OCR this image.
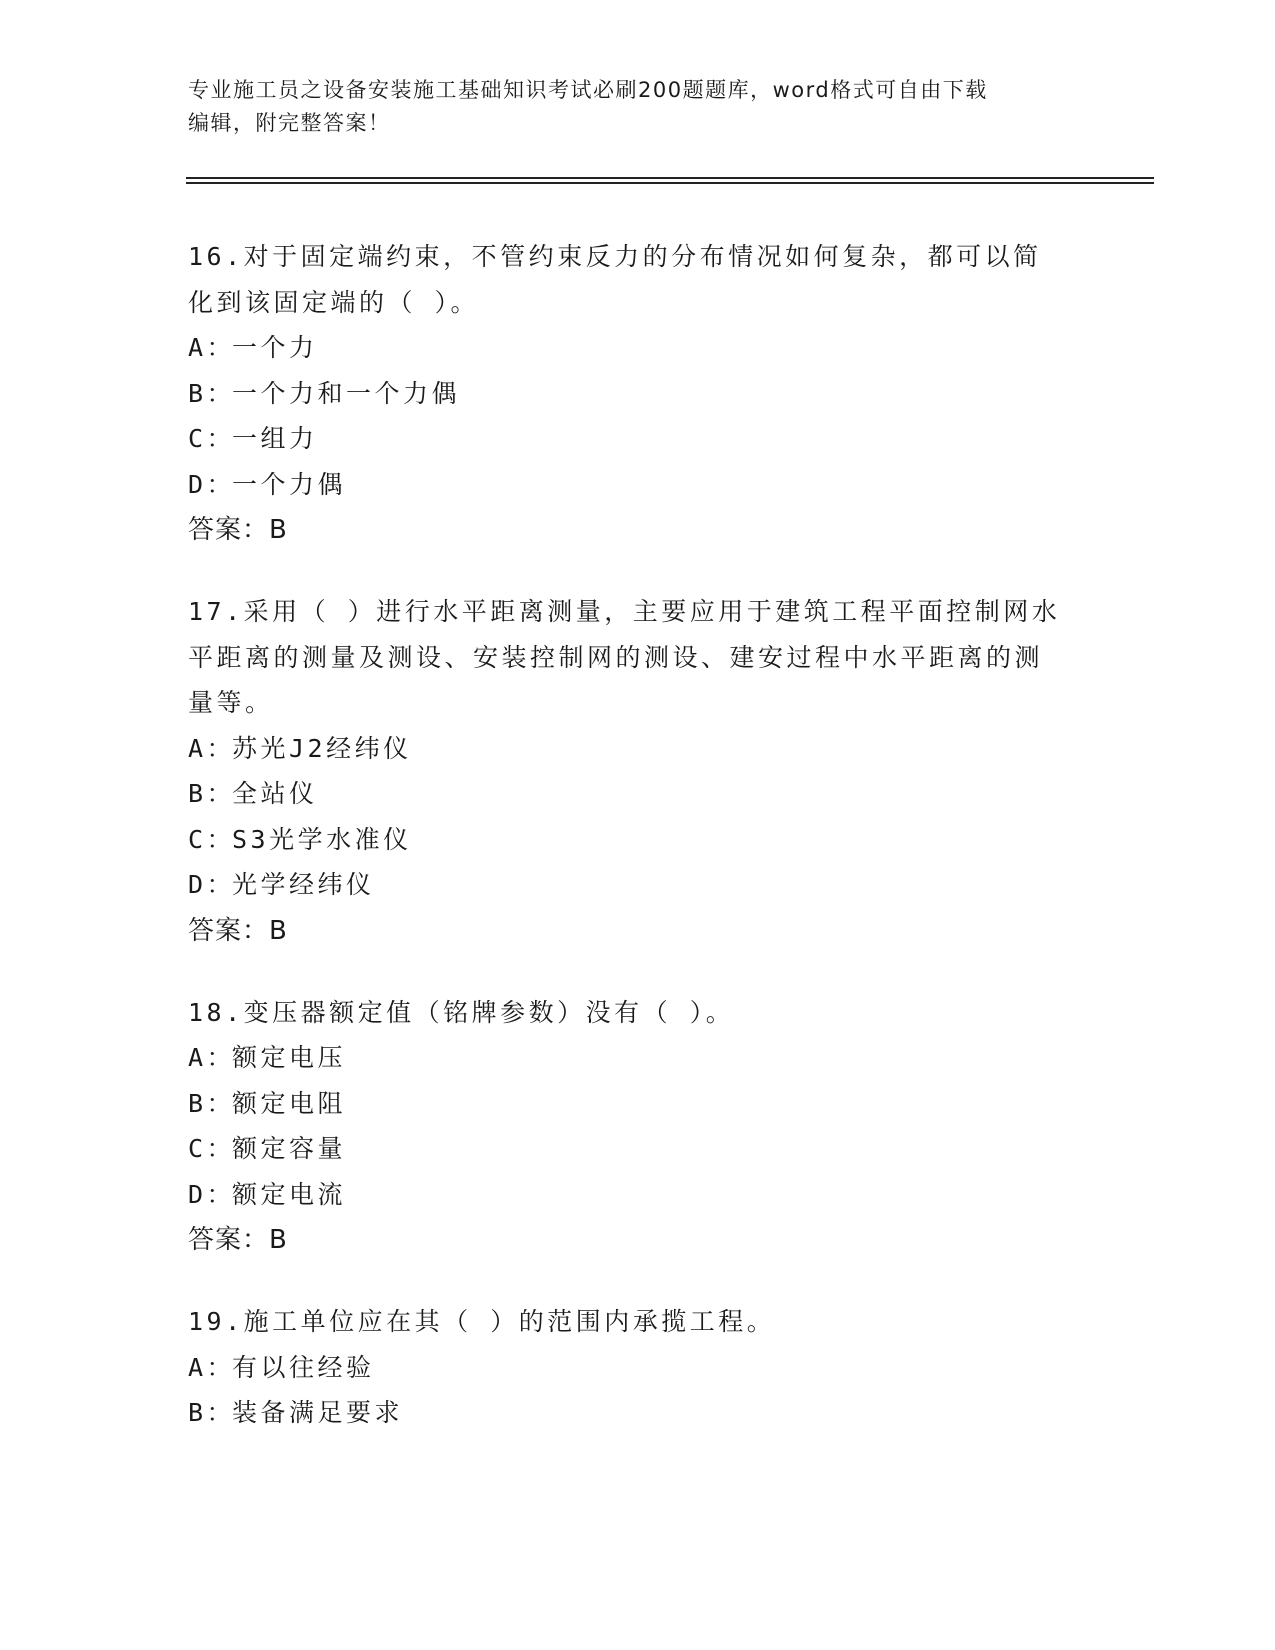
专业施工员之设备安装施工基础知识考试必刷200题题库，word格式可自由下载
编辑，附完整答案！

16.对于固定端约束，不管约束反力的分布情况如何复杂，都可以简化到该固定端的（ ）。

A：一个力
B：一个力和一个力偶
C：一组力
D：一个力偶
答案：B

17.采用（ ）进行水平距离测量，主要应用于建筑工程平面控制网水平距离的测量及测设、安装控制网的测设、建安过程中水平距离的测量等。

A：苏光J2经纬仪
B：全站仪
C：S3光学水准仪
D：光学经纬仪
答案：B

18.变压器额定值（铭牌参数）没有（ ）。

A：额定电压
B：额定电阻
C：额定容量
D：额定电流
答案：B

19.施工单位应在其（ ）的范围内承揽工程。

A：有以往经验
B：装备满足要求
